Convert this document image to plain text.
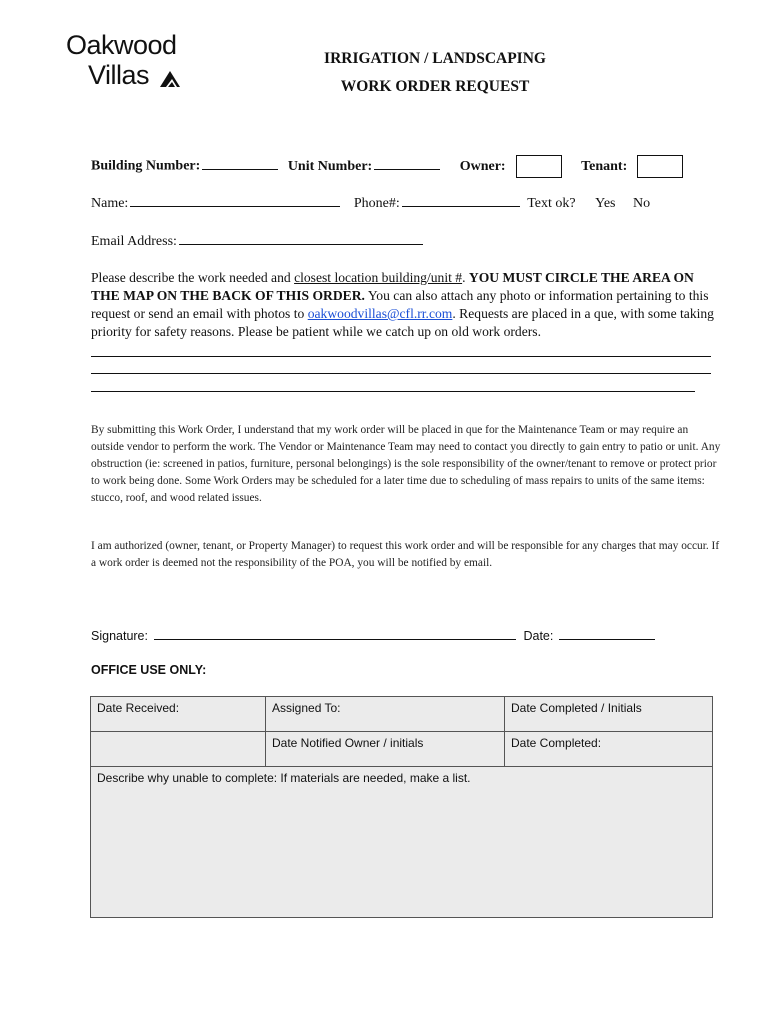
Oakwood
Villas
IRRIGATION / LANDSCAPING
WORK ORDER REQUEST
Building Number:	Unit Number:	Owner:	Tenant:
Name:	Phone#:	Text ok? Yes No
Email Address:
Please describe the work needed and closest location building/unit #. YOU MUST CIRCLE THE AREA ON THE MAP ON THE BACK OF THIS ORDER. You can also attach any photo or information pertaining to this request or send an email with photos to oakwoodvillas@cfl.rr.com. Requests are placed in a que, with some taking priority for safety reasons. Please be patient while we catch up on old work orders.
By submitting this Work Order, I understand that my work order will be placed in que for the Maintenance Team or may require an outside vendor to perform the work. The Vendor or Maintenance Team may need to contact you directly to gain entry to patio or unit. Any obstruction (ie: screened in patios, furniture, personal belongings) is the sole responsibility of the owner/tenant to remove or protect prior to work being done. Some Work Orders may be scheduled for a later time due to scheduling of mass repairs to units of the same items: stucco, roof, and wood related issues.
I am authorized (owner, tenant, or Property Manager) to request this work order and will be responsible for any charges that may occur. If a work order is deemed not the responsibility of the POA, you will be notified by email.
Signature:	Date:
OFFICE USE ONLY:
Date Received:	Assigned To:	Date Completed / Initials
	Date Notified Owner / initials	Date Completed:
Describe why unable to complete: If materials are needed, make a list.		
